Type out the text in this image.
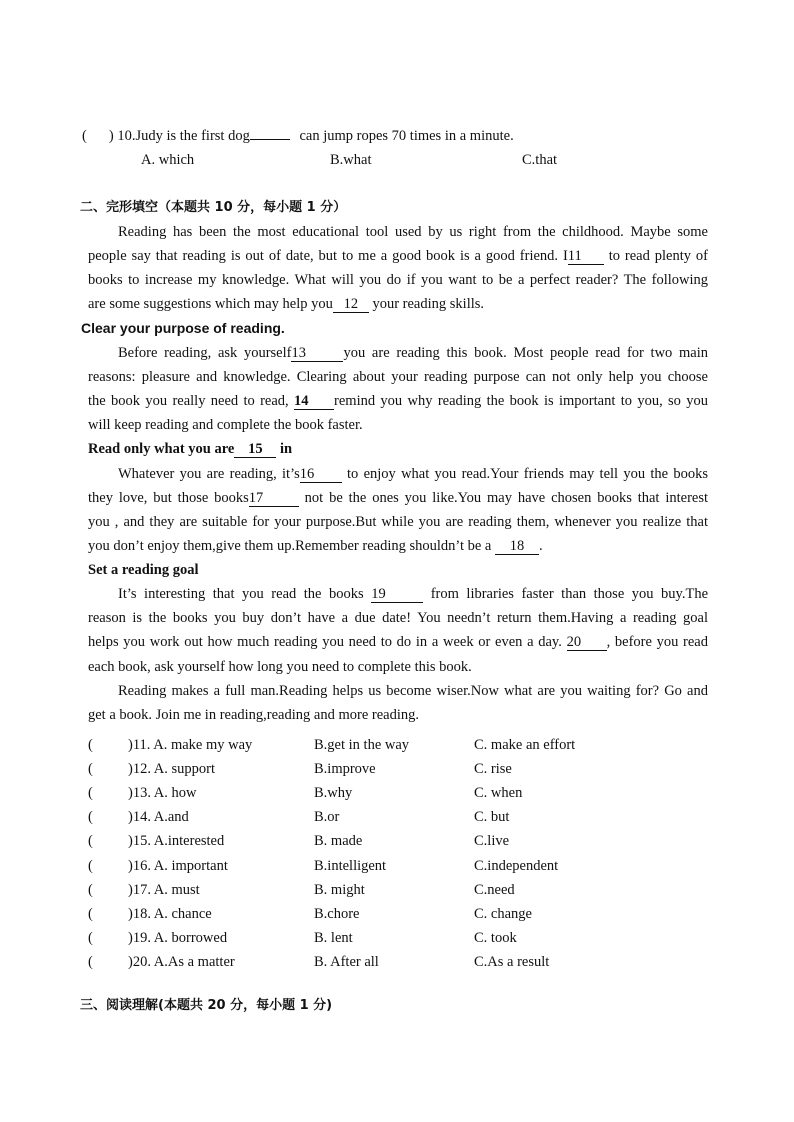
( ) 10.Judy is the first dog	can jump ropes 70 times in a minute.
A. which	B.what	C.that
二、完形填空（本题共 10 分，每小题 1 分）
Reading has been the most educational tool used by us right from the childhood. Maybe some
people say that reading is out of date, but to me a good book is a good friend. I11 to read plenty of
books to increase my knowledge. What will you do if you want to be a perfect reader? The following
are some suggestions which may help you 12 your reading skills.
Clear your purpose of reading.
Before reading, ask yourself13	you are reading this book. Most people read for two main
reasons: pleasure and knowledge. Clearing about your reading purpose can not only help you choose
the book you really need to read, 14 remind you why reading the book is important to you, so you
will keep reading and complete the book faster.
Read only what you are 15 in
Whatever you are reading, it’s16 to enjoy what you read.Your friends may tell you the books
they love, but those books17	not be the ones you like.You may have chosen books that interest
you , and they are suitable for your purpose.But while you are reading them, whenever you realize that
you don’t enjoy them,give them up.Remember reading shouldn’t be a 18 .
Set a reading goal
It’s interesting that you read the books 19	from libraries faster than those you buy.The
reason is the books you buy don’t have a due date! You needn’t return them.Having a reading goal
helps you work out how much reading you need to do in a week or even a day. 20 , before you read
each book, ask yourself how long you need to complete this book.
Reading makes a full man.Reading helps us become wiser.Now what are you waiting for? Go and
get a book. Join me in reading,reading and more reading.
( )11. A. make my way	B.get in the way	C. make an effort
( )12. A. support	B.improve	C. rise
( )13. A. how	B.why	C. when
( )14. A.and	B.or	C. but
( )15. A.interested	B. made	C.live
( )16. A. important	B.intelligent	C.independent
( )17. A. must	B. might	C.need
( )18. A. chance	B.chore	C. change
( )19. A. borrowed	B. lent	C. took
( )20. A.As a matter	B. After all	C.As a result
三、阅读理解(本题共 20 分，每小题 1 分)
